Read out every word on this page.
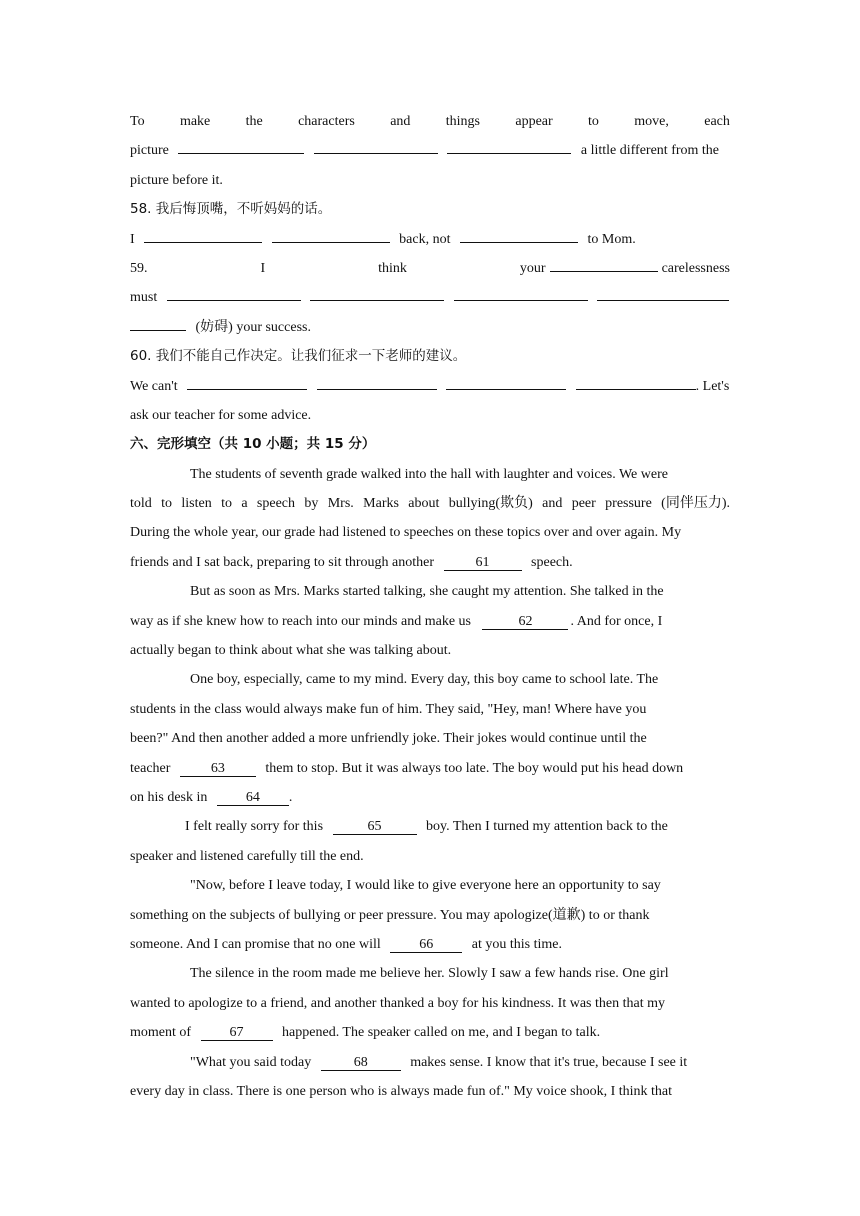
To	make	the	characters	and	things	appear	to	move,	each
picture	a little different from the
picture before it.
58. 我后悔顶嘴，不听妈妈的话。
I	back, not	to Mom.
59.	I	think	your	carelessness
must
(妨碍) your success.
60. 我们不能自己作决定。让我们征求一下老师的建议。
We can't	. Let's
ask our teacher for some advice.
六、完形填空（共 10 小题；共 15 分）
The students of seventh grade walked into the hall with laughter and voices. We were
told to listen to a speech by Mrs. Marks about bullying(欺负) and peer pressure (同伴压力).
During the whole year, our grade had listened to speeches on these topics over and over again. My
friends and I sat back, preparing to sit through another	61	speech.
But as soon as Mrs. Marks started talking, she caught my attention. She talked in the
way as if she knew how to reach into our minds and make us	62	. And for once, I
actually began to think about what she was talking about.
One boy, especially, came to my mind. Every day, this boy came to school late. The
students in the class would always make fun of him. They said, "Hey, man! Where have you
been?" And then another added a more unfriendly joke. Their jokes would continue until the
teacher	63	them to stop. But it was always too late. The boy would put his head down
on his desk in	64 .
I felt really sorry for this	65	boy. Then I turned my attention back to the
speaker and listened carefully till the end.
"Now, before I leave today, I would like to give everyone here an opportunity to say
something on the subjects of bullying or peer pressure. You may apologize(道歉) to or thank
someone. And I can promise that no one will	66	at you this time.
The silence in the room made me believe her. Slowly I saw a few hands rise. One girl
wanted to apologize to a friend, and another thanked a boy for his kindness. It was then that my
moment of	67	happened. The speaker called on me, and I began to talk.
"What you said today	68	makes sense. I know that it's true, because I see it
every day in class. There is one person who is always made fun of." My voice shook, I think that
